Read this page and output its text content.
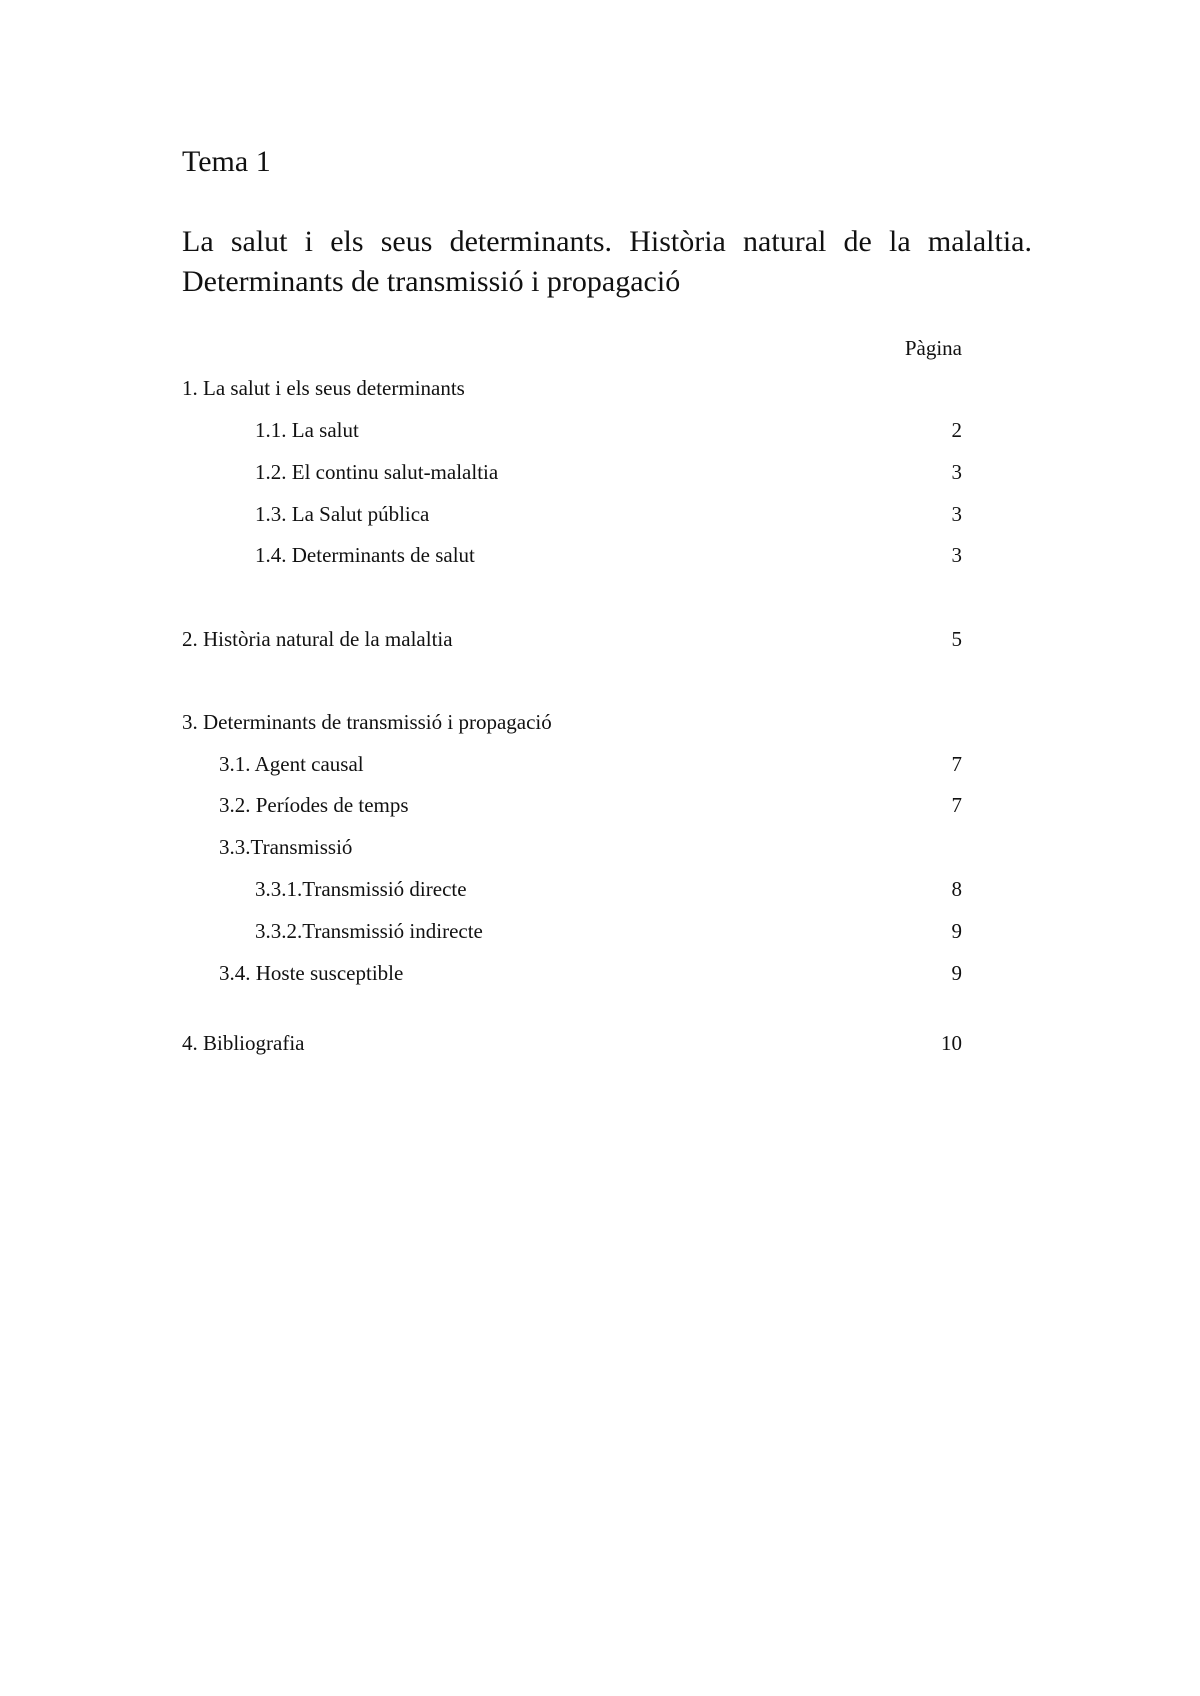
Tema 1
La salut i els seus determinants. Història natural de la malaltia. Determinants de transmissió i propagació
Pàgina
1. La salut i els seus determinants
1.1. La salut	2
1.2. El continu salut-malaltia	3
1.3. La Salut pública	3
1.4. Determinants de salut	3
2. Història natural de la malaltia	5
3. Determinants de transmissió i propagació
3.1. Agent causal	7
3.2. Períodes de temps	7
3.3.Transmissió
3.3.1.Transmissió directe	8
3.3.2.Transmissió indirecte	9
3.4. Hoste susceptible	9
4. Bibliografia	10
